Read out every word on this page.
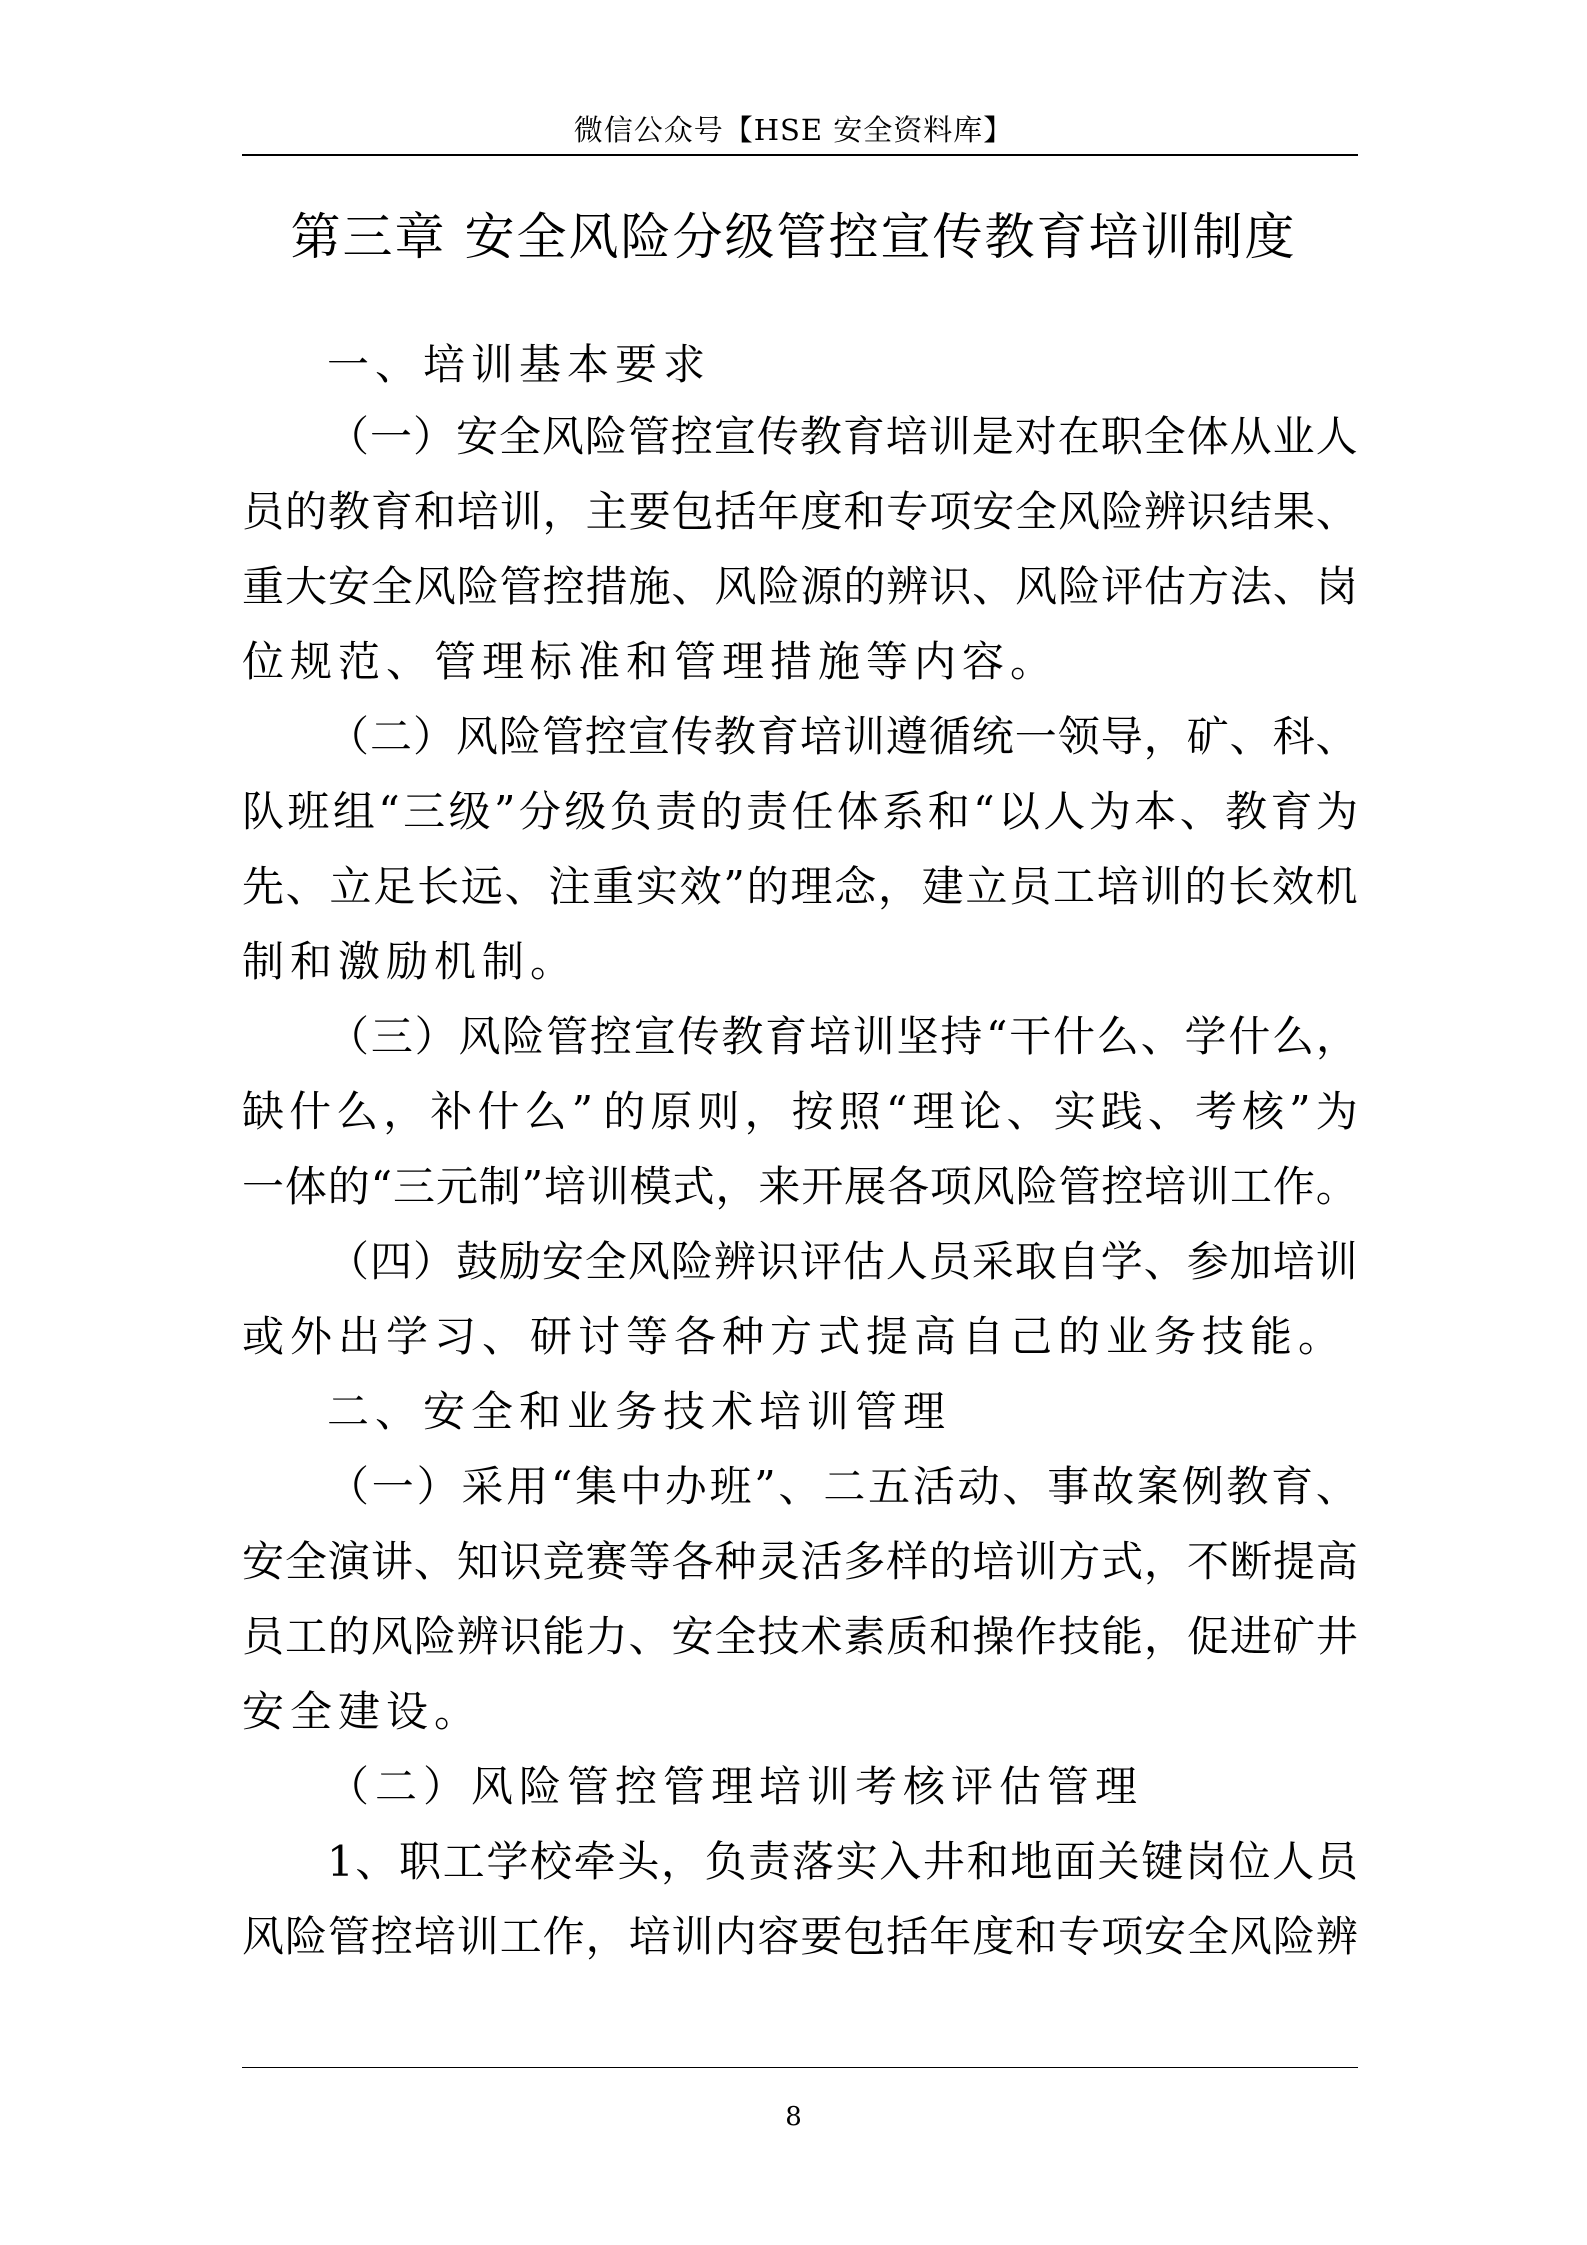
微信公众号【HSE 安全资料库】
第三章 安全风险分级管控宣传教育培训制度
一、培训基本要求
（ 一 ） 安 全 风 险 管 控 宣 传 教 育 培 训 是 对 在 职 全 体 从 业 人
员 的 教 育 和 培 训 ， 主 要 包 括 年 度 和 专 项 安 全 风 险 辨 识 结 果 、
重 大 安 全 风 险 管 控 措 施 、 风 险 源 的 辨 识 、 风 险 评 估 方 法 、 岗
位规范、管理标准和管理措施等内容。
（ 二 ） 风 险 管 控 宣 传 教 育 培 训 遵 循 统 一 领 导 ， 矿 、 科 、
队 班 组 “ 三 级 ” 分 级 负 责 的 责 任 体 系 和 “ 以 人 为 本 、 教 育 为
先 、 立 足 长 远 、 注 重 实 效 ” 的 理 念 ， 建 立 员 工 培 训 的 长 效 机
制和激励机制。
（ 三 ） 风 险 管 控 宣 传 教 育 培 训 坚 持 “ 干 什 么 、 学 什 么 ，
缺 什 么 ， 补 什 么 ” 的 原 则 ， 按 照 “ 理 论 、 实 践 、 考 核 ” 为
一 体 的 “ 三 元 制 ” 培 训 模 式 ， 来 开 展 各 项 风 险 管 控 培 训 工 作 。
（ 四 ） 鼓 励 安 全 风 险 辨 识 评 估 人 员 采 取 自 学 、 参 加 培 训
或外出学习、研讨等各种方式提高自己的业务技能。
二、安全和业务技术培训管理
（ 一 ） 采 用 “ 集 中 办 班 ” 、 二 五 活 动 、 事 故 案 例 教 育 、
安 全 演 讲 、 知 识 竞 赛 等 各 种 灵 活 多 样 的 培 训 方 式 ， 不 断 提 高
员 工 的 风 险 辨 识 能 力 、 安 全 技 术 素 质 和 操 作 技 能 ， 促 进 矿 井
安全建设。
（二）风险管控管理培训考核评估管理
1 、 职 工 学 校 牵 头 ， 负 责 落 实 入 井 和 地 面 关 键 岗 位 人 员
风 险 管 控 培 训 工 作 ， 培 训 内 容 要 包 括 年 度 和 专 项 安 全 风 险 辨
8
